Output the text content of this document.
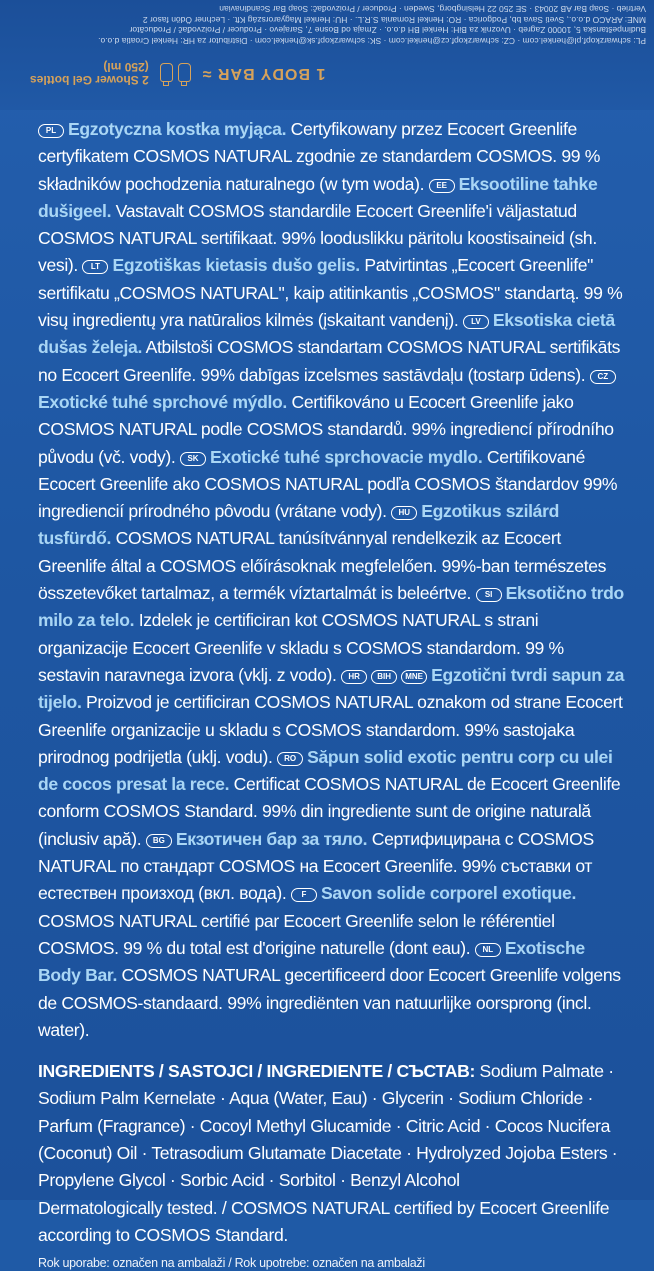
PL: schwarzkopf.pl@henkel.com · CZ: schwarzkopf.cz@henkel.com · SK: schwarzkopf.sk@henkel.com · Distributor za HR: Henkel Croatia d.o.o.
Budimpeštanska 5, 10000 Zagreb · Uvoznik za BiH: Henkel BH d.o.o. · Zmaja od Bosne 7, Sarajevo · Producer / Proizvođač / Producător
MNE: ARACO d.o.o., Sveti Sava bb, Podgorica · RO: Henkel Romania S.R.L. · HU: Henkel Magyarország Kft. · Lechner Ödön fasor 2
Vertrieb · Soap Bar AB 20043 · SE 250 22 Helsingborg, Sweden · Producer / Proizvođač: Soap Bar Scandinavian
1 BODY BAR ≈
2 Shower Gel bottles
(250 ml)
PL Egzotyczna kostka myjąca. Certyfikowany przez Ecocert Greenlife certyfikatem COSMOS NATURAL zgodnie ze standardem COSMOS. 99 % składników pochodzenia naturalnego (w tym woda). EE Eksootiline tahke dušigeel. Vastavalt COSMOS standardile Ecocert Greenlife'i väljastatud COSMOS NATURAL sertifikaat. 99% looduslikku päritolu koostisaineid (sh. vesi). LT Egzotiškas kietasis dušo gelis. Patvirtintas „Ecocert Greenlife" sertifikatu „COSMOS NATURAL", kaip atitinkantis „COSMOS" standartą. 99 % visų ingredientų yra natūralios kilmės (įskaitant vandenį). LV Eksotiska cietā dušas želeja. Atbilstoši COSMOS standartam COSMOS NATURAL sertifikāts no Ecocert Greenlife. 99% dabīgas izcelsmes sastāvdaļu (tostarp ūdens). CZExotické tuhé sprchové mýdlo. Certifikováno u Ecocert Greenlife jako COSMOS NATURAL podle COSMOS standardů. 99% ingrediencí přírodního původu (vč. vody). SK Exotické tuhé sprchovacie mydlo. Certifikované Ecocert Greenlife ako COSMOS NATURAL podľa COSMOS štandardov 99% ingrediencií prírodného pôvodu (vrátane vody). HU Egzotikus szilárd tusfürdő. COSMOS NATURAL tanúsítvánnyal rendelkezik az Ecocert Greenlife által a COSMOS előírásoknak megfelelően. 99%-ban természetes összetevőket tartalmaz, a termék víztartalmát is beleértve. SI Eksotično trdo milo za telo. Izdelek je certificiran kot COSMOS NATURAL s strani organizacije Ecocert Greenlife v skladu s COSMOS standardom. 99 % sestavin naravnega izvora (vklj. z vodo). HR BIH MNE Egzotični tvrdi sapun za tijelo. Proizvod je certificiran COSMOS NATURAL oznakom od strane Ecocert Greenlife organizacije u skladu s COSMOS standardom. 99% sastojaka prirodnog podrijetla (uklj. vodu). RO Săpun solid exotic pentru corp cu ulei de cocos presat la rece. Certificat COSMOS NATURAL de Ecocert Greenlife conform COSMOS Standard. 99% din ingrediente sunt de origine naturală (inclusiv apă). BG Екзотичен бар за тяло. Сертифицирана с COSMOS NATURAL по стандарт COSMOS на Ecocert Greenlife. 99% съставки от естествен произход (вкл. вода). F Savon solide corporel exotique. COSMOS NATURAL certifié par Ecocert Greenlife selon le référentiel COSMOS. 99 % du total est d'origine naturelle (dont eau). NL Exotische Body Bar. COSMOS NATURAL gecertificeerd door Ecocert Greenlife volgens de COSMOS-standaard. 99% ingrediënten van natuurlijke oorsprong (incl. water).
INGREDIENTS / SASTOJCI / INGREDIENTE / СЪСТАВ: Sodium Palmate · Sodium Palm Kernelate · Aqua (Water, Eau) · Glycerin · Sodium Chloride · Parfum (Fragrance) · Cocoyl Methyl Glucamide · Citric Acid · Cocos Nucifera (Coconut) Oil · Tetrasodium Glutamate Diacetate · Hydrolyzed Jojoba Esters · Propylene Glycol · Sorbic Acid · Sorbitol · Benzyl Alcohol
Dermatologically tested. / COSMOS NATURAL certified by Ecocert Greenlife according to COSMOS Standard.
Rok uporabe: označen na ambalaži / Rok upotrebe: označen na ambalaži
